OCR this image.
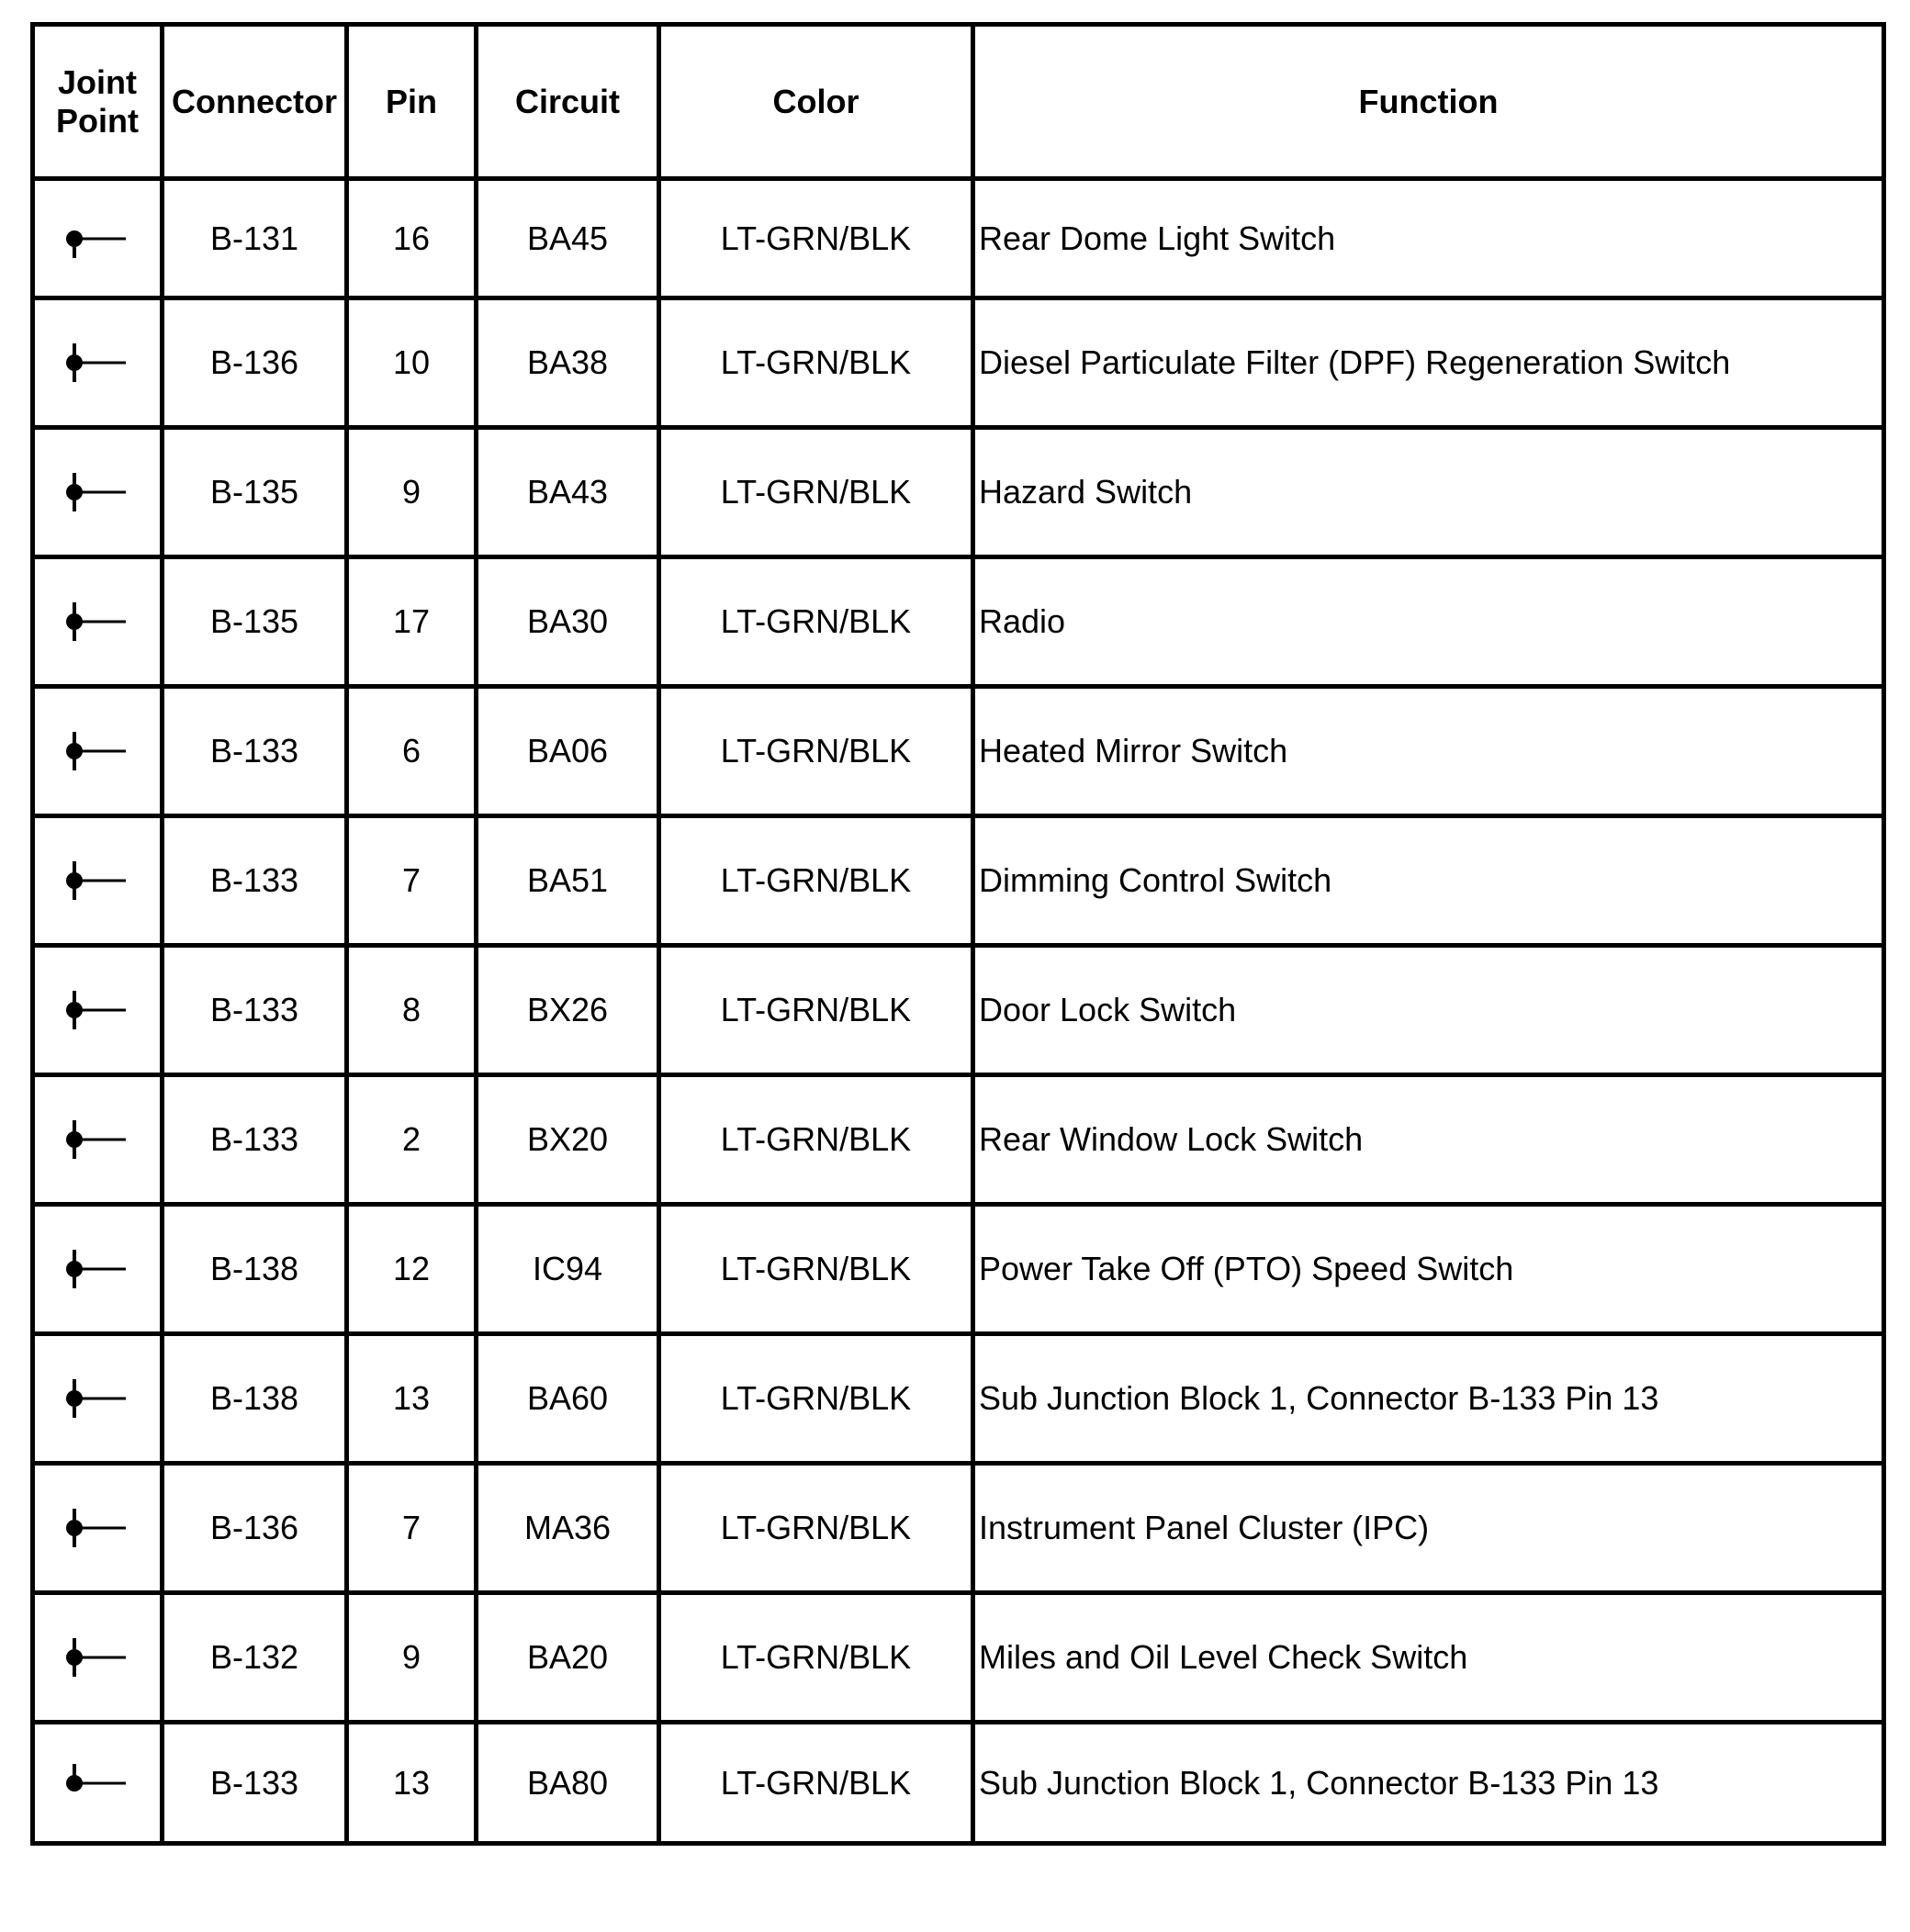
Joint
Point	Connector	Pin	Circuit	Color	Function
	B-131	16	BA45	LT-GRN/BLK	Rear Dome Light Switch
	B-136	10	BA38	LT-GRN/BLK	Diesel Particulate Filter (DPF) Regeneration Switch
	B-135	9	BA43	LT-GRN/BLK	Hazard Switch
	B-135	17	BA30	LT-GRN/BLK	Radio
	B-133	6	BA06	LT-GRN/BLK	Heated Mirror Switch
	B-133	7	BA51	LT-GRN/BLK	Dimming Control Switch
	B-133	8	BX26	LT-GRN/BLK	Door Lock Switch
	B-133	2	BX20	LT-GRN/BLK	Rear Window Lock Switch
	B-138	12	IC94	LT-GRN/BLK	Power Take Off (PTO) Speed Switch
	B-138	13	BA60	LT-GRN/BLK	Sub Junction Block 1, Connector B-133 Pin 13
	B-136	7	MA36	LT-GRN/BLK	Instrument Panel Cluster (IPC)
	B-132	9	BA20	LT-GRN/BLK	Miles and Oil Level Check Switch
	B-133	13	BA80	LT-GRN/BLK	Sub Junction Block 1, Connector B-133 Pin 13
